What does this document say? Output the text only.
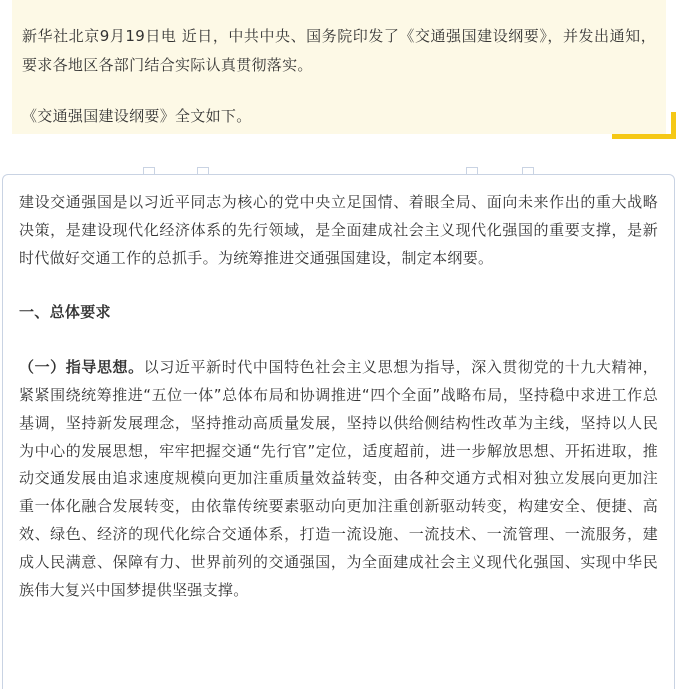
新华社北京9月19日电 近日，中共中央、国务院印发了《交通强国建设纲要》，并发出通知，要求各地区各部门结合实际认真贯彻落实。

《交通强国建设纲要》全文如下。

建设交通强国是以习近平同志为核心的党中央立足国情、着眼全局、面向未来作出的重大战略决策，是建设现代化经济体系的先行领域，是全面建成社会主义现代化强国的重要支撑，是新时代做好交通工作的总抓手。为统筹推进交通强国建设，制定本纲要。

一、总体要求

（一）指导思想。以习近平新时代中国特色社会主义思想为指导，深入贯彻党的十九大精神，紧紧围绕统筹推进“五位一体”总体布局和协调推进“四个全面”战略布局，坚持稳中求进工作总基调，坚持新发展理念，坚持推动高质量发展，坚持以供给侧结构性改革为主线，坚持以人民为中心的发展思想，牢牢把握交通“先行官”定位，适度超前，进一步解放思想、开拓进取，推动交通发展由追求速度规模向更加注重质量效益转变，由各种交通方式相对独立发展向更加注重一体化融合发展转变，由依靠传统要素驱动向更加注重创新驱动转变，构建安全、便捷、高效、绿色、经济的现代化综合交通体系，打造一流设施、一流技术、一流管理、一流服务，建成人民满意、保障有力、世界前列的交通强国，为全面建成社会主义现代化强国、实现中华民族伟大复兴中国梦提供坚强支撑。
